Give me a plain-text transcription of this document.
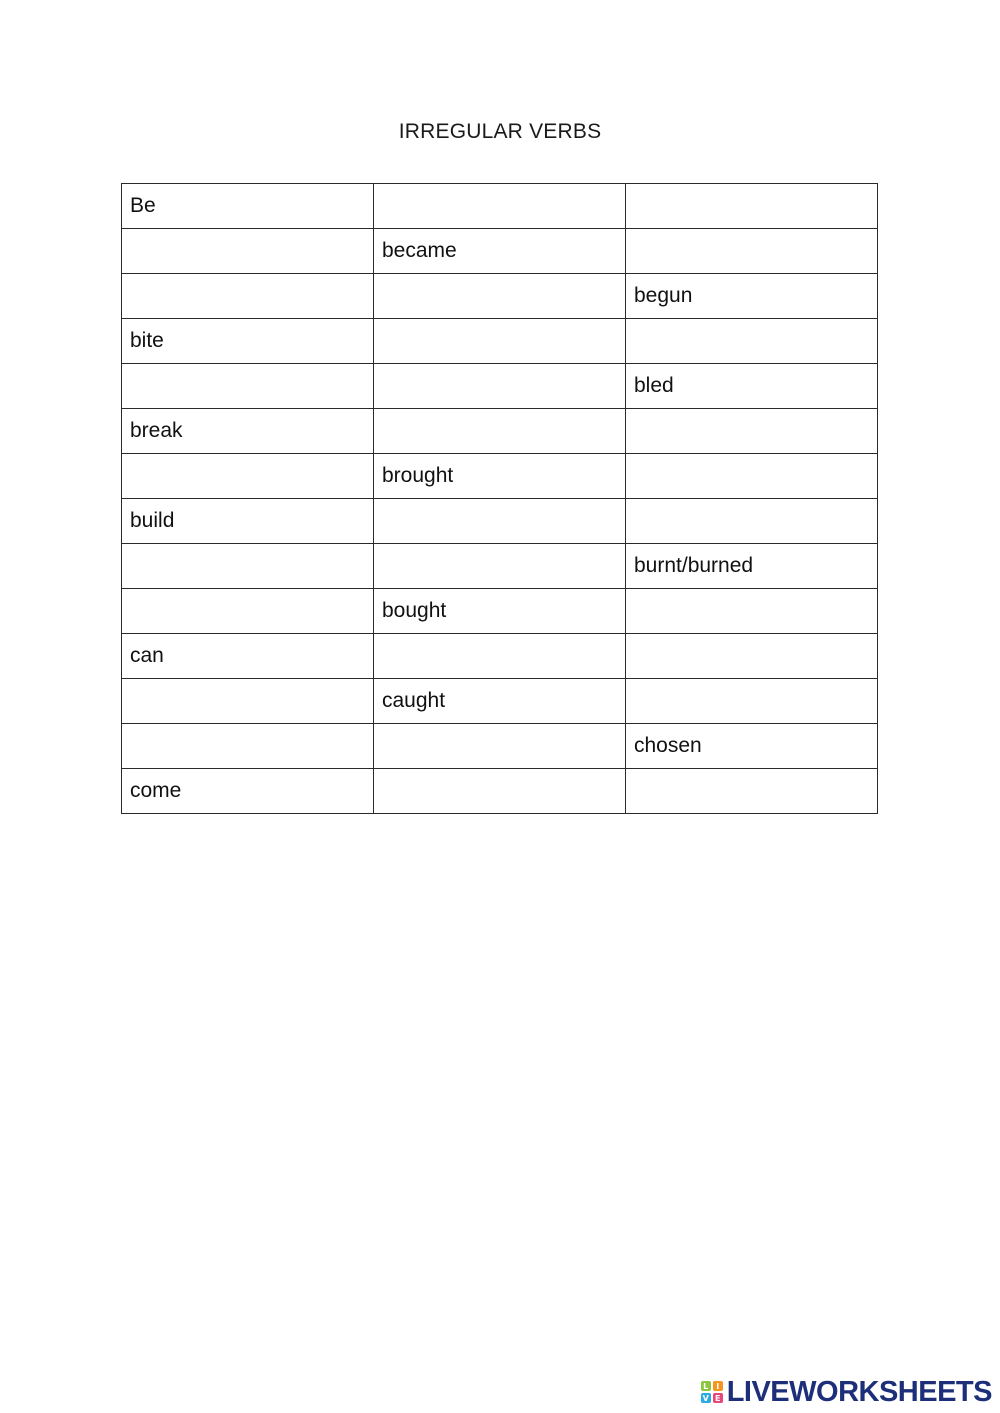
IRREGULAR VERBS
Be		
	became	
		begun
bite		
		bled
break		
	brought	
build		
		burnt/burned
	bought	
can		
	caught	
		chosen
come		
L I
V E LIVEWORKSHEETS
